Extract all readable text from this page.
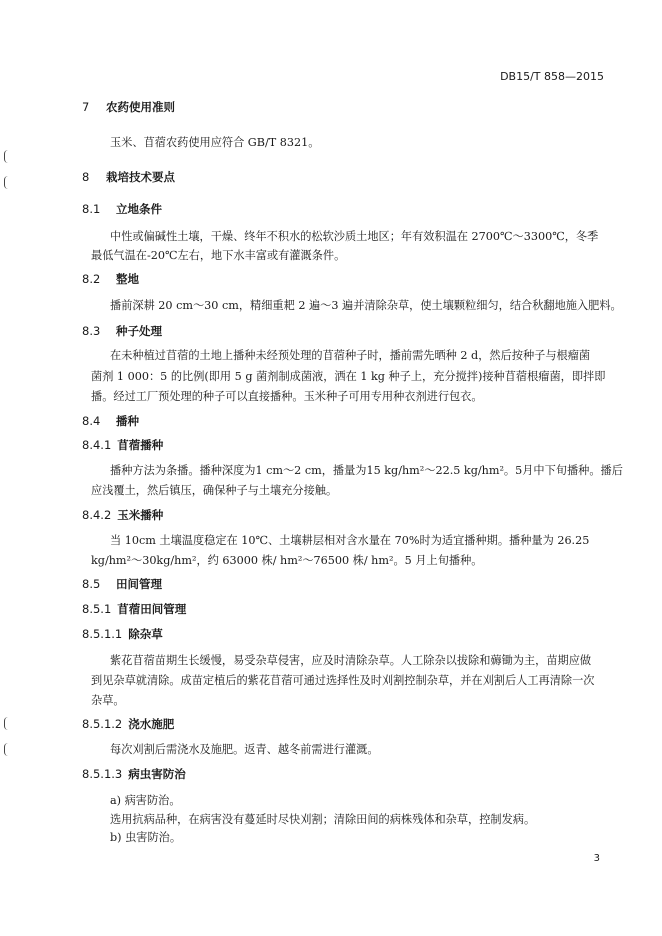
DB15/T 858—2015
7 农药使用准则
玉米、苜蓿农药使用应符合 GB/T 8321。
8 栽培技术要点
8.1 立地条件
中性或偏碱性土壤，干燥、终年不积水的松软沙质土地区；年有效积温在 2700℃～3300℃，冬季
最低气温在-20℃左右，地下水丰富或有灌溉条件。
8.2 整地
播前深耕 20 cm～30 cm，精细重耙 2 遍～3 遍并清除杂草，使土壤颗粒细匀，结合秋翻地施入肥料。
8.3 种子处理
在未种植过苜蓿的土地上播种未经预处理的苜蓿种子时，播前需先晒种 2 d，然后按种子与根瘤菌
菌剂 1 000：5 的比例(即用 5 g 菌剂制成菌液，洒在 1 kg 种子上，充分搅拌)接种苜蓿根瘤菌，即拌即
播。经过工厂预处理的种子可以直接播种。玉米种子可用专用种衣剂进行包衣。
8.4 播种
8.4.1 苜蓿播种
播种方法为条播。播种深度为1 cm～2 cm，播量为15 kg/hm²～22.5 kg/hm²。5月中下旬播种。播后
应浅覆土，然后镇压，确保种子与土壤充分接触。
8.4.2 玉米播种
当 10cm 土壤温度稳定在 10℃、土壤耕层相对含水量在 70%时为适宜播种期。播种量为 26.25
kg/hm²～30kg/hm²，约 63000 株/ hm²～76500 株/ hm²。5 月上旬播种。
8.5 田间管理
8.5.1 苜蓿田间管理
8.5.1.1 除杂草
紫花苜蓿苗期生长缓慢，易受杂草侵害，应及时清除杂草。人工除杂以拔除和薅锄为主，苗期应做
到见杂草就清除。成苗定植后的紫花苜蓿可通过选择性及时刈割控制杂草，并在刈割后人工再清除一次
杂草。
8.5.1.2 浇水施肥
每次刈割后需浇水及施肥。返青、越冬前需进行灌溉。
8.5.1.3 病虫害防治
a) 病害防治。
选用抗病品种，在病害没有蔓延时尽快刈割；清除田间的病株残体和杂草，控制发病。
b) 虫害防治。
3
